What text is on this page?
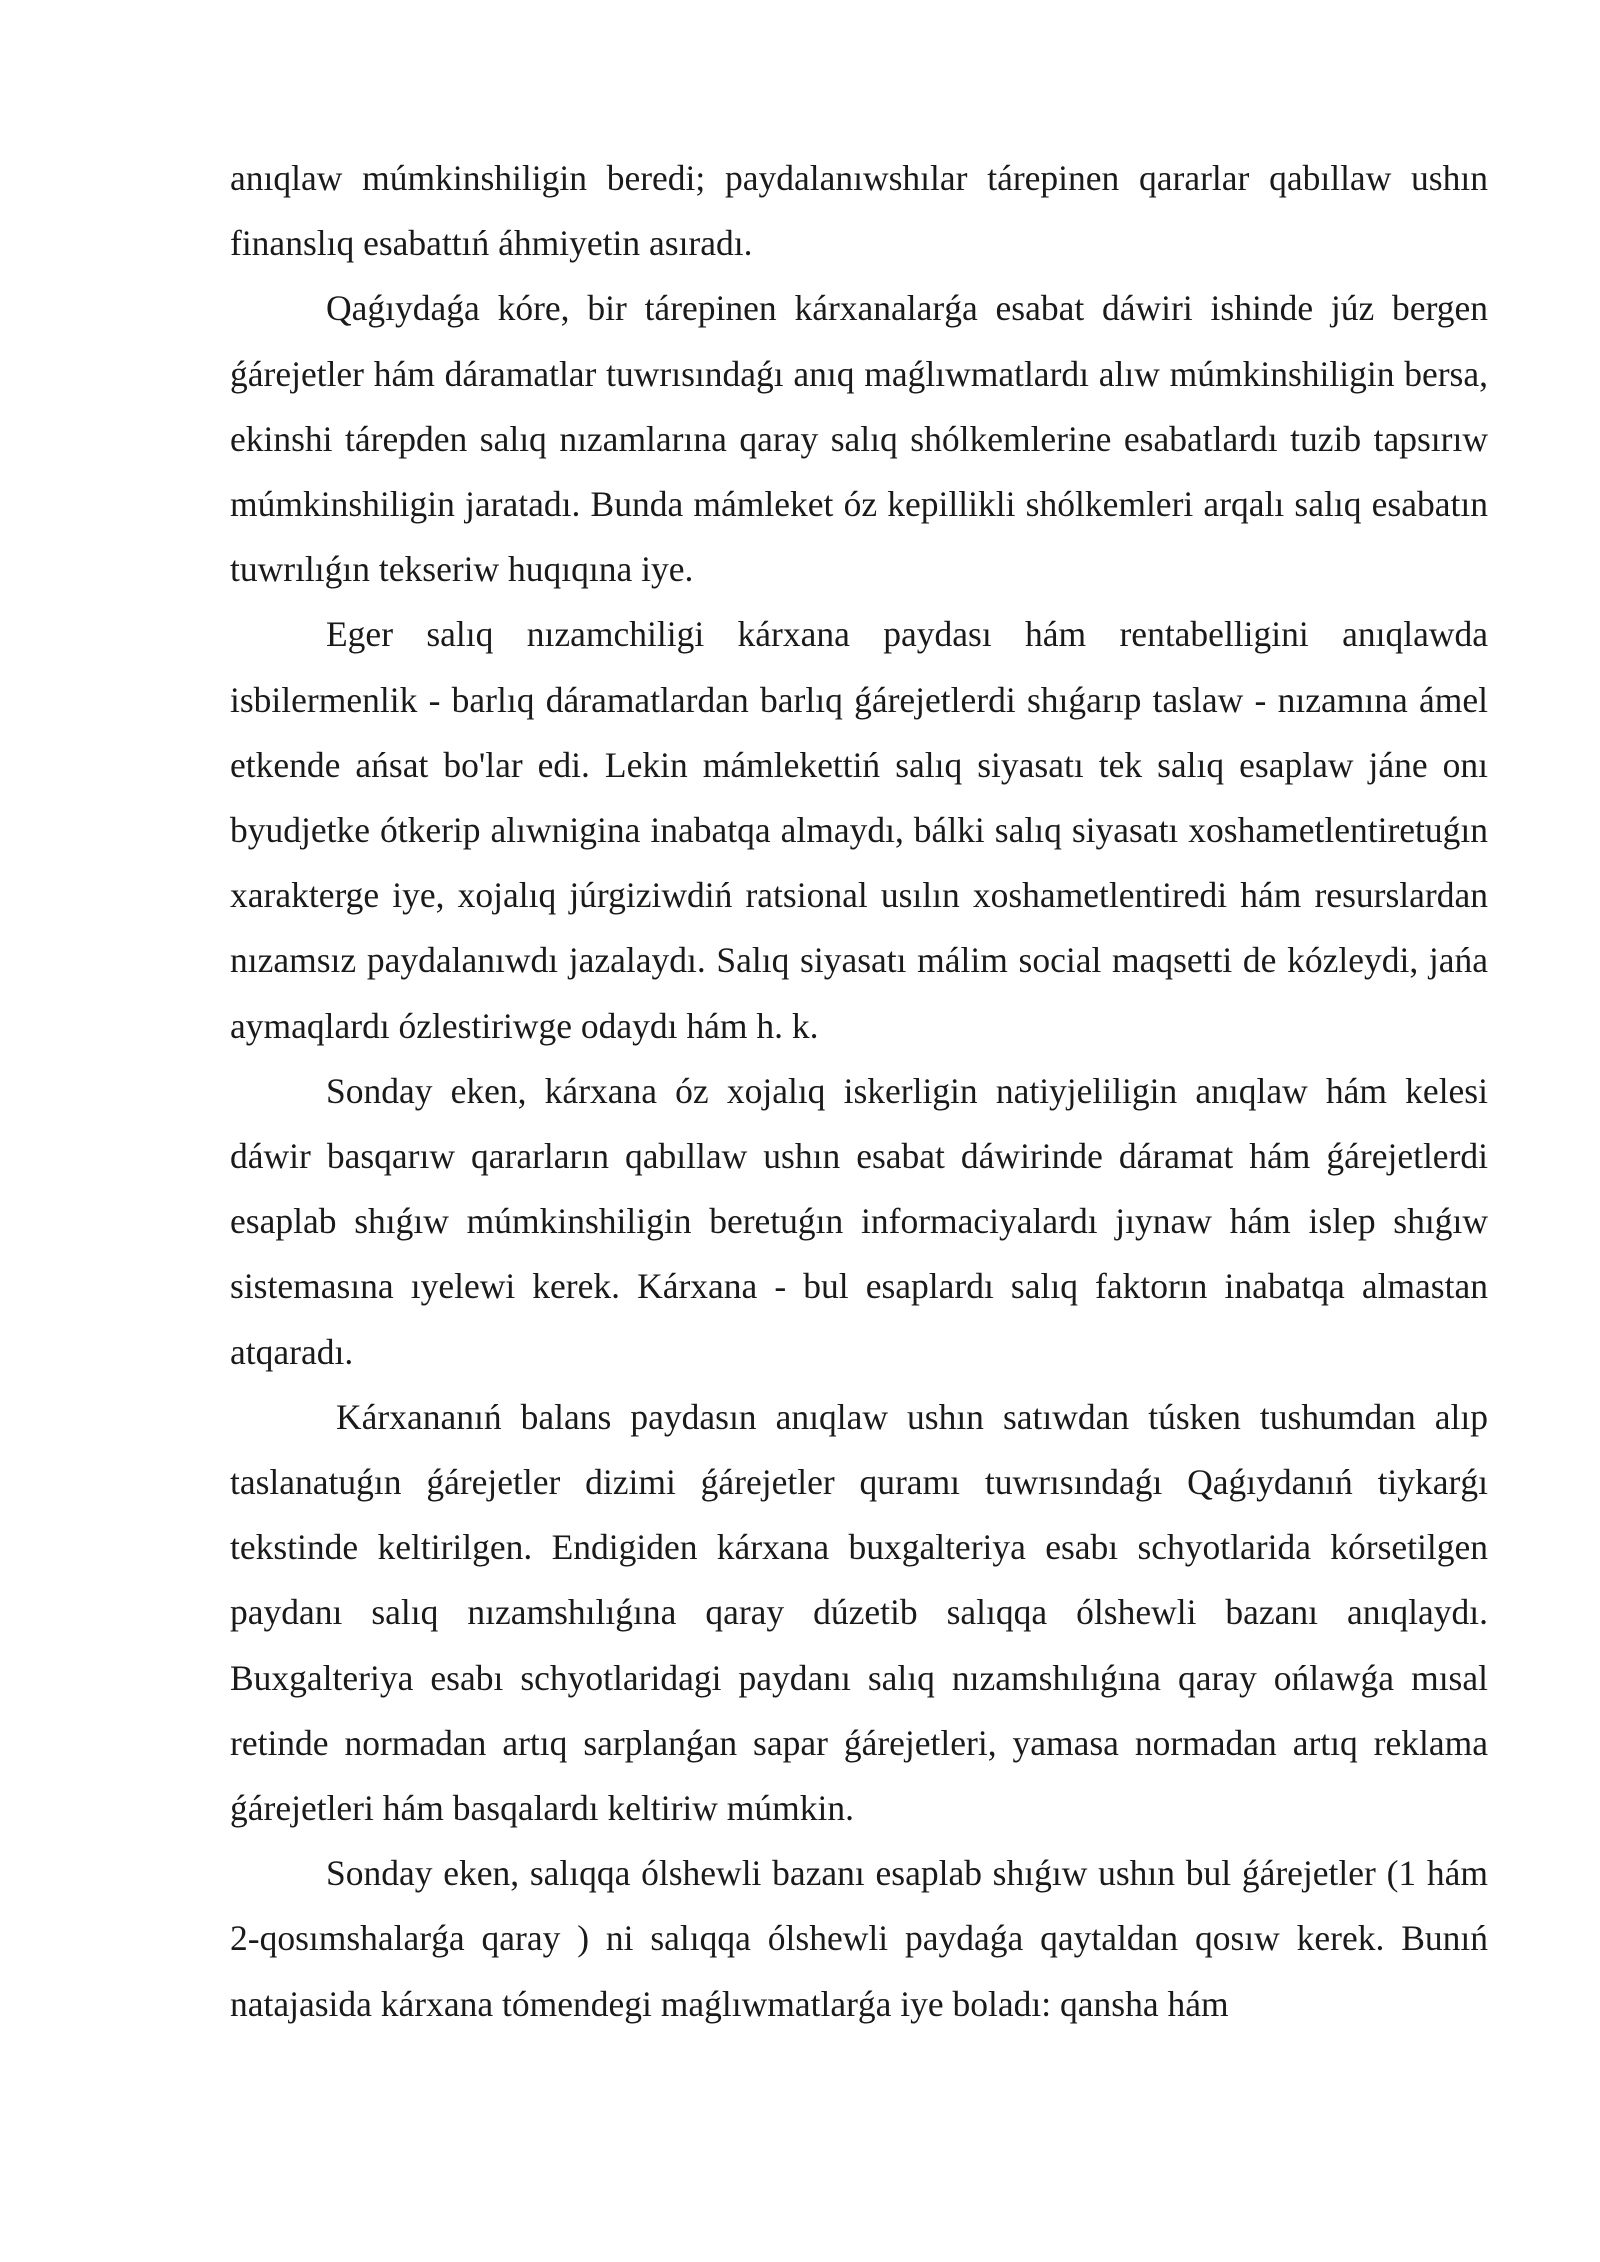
anıqlaw múmkinshiligin beredi; paydalanıwshılar tárepinen qararlar qabıllaw ushın finanslıq esabattıń áhmiyetin asıradı.

Qaǵıydaǵa kóre, bir tárepinen kárxanalarǵa esabat dáwiri ishinde júz bergen ǵárejetler hám dáramatlar tuwrısındaǵı anıq maǵlıwmatlardı alıw múmkinshiligin bersa, ekinshi tárepden salıq nızamlarına qaray salıq shólkemlerine esabatlardı tuzib tapsırıw múmkinshiligin jaratadı. Bunda mámleket óz kepillikli shólkemleri arqalı salıq esabatın tuwrılıǵın tekseriw huqıqına iye.

Eger salıq nızamchiligi kárxana paydası hám rentabelligini anıqlawda isbilermenlik - barlıq dáramatlardan barlıq ǵárejetlerdi shıǵarıp taslaw - nızamına ámel etkende ańsat bo'lar edi. Lekin mámlekettiń salıq siyasatı tek salıq esaplaw jáne onı byudjetke ótkerip alıwnigina inabatqa almaydı, bálki salıq siyasatı xoshametlentiretuǵın xarakterge iye, xojalıq júrgiziwdiń ratsional usılın xoshametlentiredi hám resurslardan nızamsız paydalanıwdı jazalaydı. Salıq siyasatı málim social maqsetti de kózleydi, jańa aymaqlardı ózlestiriwge odaydı hám h. k.

Sonday eken, kárxana óz xojalıq iskerligin natiyjeliligin anıqlaw hám kelesi dáwir basqarıw qararların qabıllaw ushın esabat dáwirinde dáramat hám ǵárejetlerdi esaplab shıǵıw múmkinshiligin beretuǵın informaciyalardı jıynaw hám islep shıǵıw sistemasına ıyelewi kerek. Kárxana - bul esaplardı salıq faktorın inabatqa almastan atqaradı.

Kárxananıń balans paydasın anıqlaw ushın satıwdan túsken tushumdan alıp taslanatuǵın ǵárejetler dizimi ǵárejetler quramı tuwrısındaǵı Qaǵıydanıń tiykarǵı tekstinde keltirilgen. Endigiden kárxana buxgalteriya esabı schyotlarida kórsetilgen paydanı salıq nızamshılıǵına qaray dúzetib salıqqa ólshewli bazanı anıqlaydı. Buxgalteriya esabı schyotlaridagi paydanı salıq nızamshılıǵına qaray ońlawǵa mısal retinde normadan artıq sarplanǵan sapar ǵárejetleri, yamasa normadan artıq reklama ǵárejetleri hám basqalardı keltiriw múmkin.

Sonday eken, salıqqa ólshewli bazanı esaplab shıǵıw ushın bul ǵárejetler (1 hám 2-qosımshalarǵa qaray ) ni salıqqa ólshewli paydaǵa qaytaldan qosıw kerek. Bunıń natajasida kárxana tómendegi maǵlıwmatlarǵa iye boladı: qansha hám
